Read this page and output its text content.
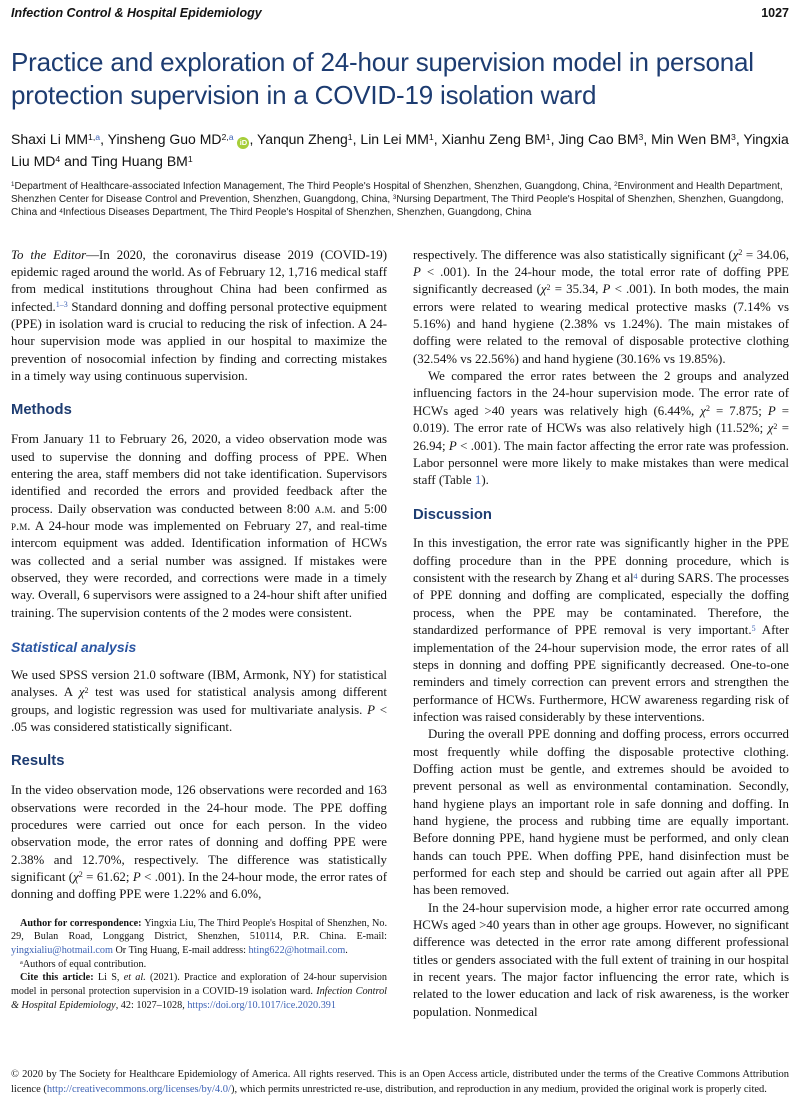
Infection Control & Hospital Epidemiology	1027
Practice and exploration of 24-hour supervision model in personal protection supervision in a COVID-19 isolation ward
Shaxi Li MM$^{1,a}$, Yinsheng Guo MD$^{2,a}$ iD , Yanqun Zheng$^1$, Lin Lei $MM^1$, Xianhu Zeng $BM^1$, Jing Cao $BM^3$, Min Wen $BM^3$, Yingxia Liu $MD^4$ and Ting Huang $BM^1$
$^1$Department of Healthcare-associated Infection Management, The Third People's Hospital of Shenzhen, Shenzhen, Guangdong, China, $^2$Environment and Health Department, Shenzhen Center for Disease Control and Prevention, Shenzhen, Guangdong, China, $^3$Nursing Department, The Third People's Hospital of Shenzhen, Shenzhen, Guangdong, China and $^4$Infectious Diseases Department, The Third People's Hospital of Shenzhen, Shenzhen, Guangdong, China

To the Editor—In 2020, the coronavirus disease 2019 (COVID-19) epidemic raged around the world. As of February 12, 1,716 medical staff from medical institutions throughout China had been confirmed as infected.$^{1-3}$ Standard donning and doffing personal protective equipment (PPE) in isolation ward is crucial to reducing the risk of infection. A 24-hour supervision mode was applied in our hospital to maximize the prevention of nosocomial infection by finding and correcting mistakes in a timely way using continuous supervision.

Methods

From January 11 to February 26, 2020, a video observation mode was used to supervise the donning and doffing process of PPE. When entering the area, staff members did not take identification. Supervisors identified and recorded the errors and provided feedback after the process. Daily observation was conducted between 8:00 a.m. and 5:00 p.m. A 24-hour mode was implemented on February 27, and real-time intercom equipment was added. Identification information of HCWs was collected and a serial number was assigned. If mistakes were observed, they were recorded, and corrections were made in a timely way. Overall, 6 supervisors were assigned to a 24-hour shift after unified training. The supervision contents of the 2 modes were consistent.

Statistical analysis

We used SPSS version 21.0 software (IBM, Armonk, NY) for statistical analyses. A $\chi^2$ test was used for statistical analysis among different groups, and logistic regression was used for multivariate analysis. P < .05 was considered statistically significant.

Results

In the video observation mode, 126 observations were recorded and 163 observations were recorded in the 24-hour mode. The PPE doffing procedures were carried out once for each person. In the video observation mode, the error rates of donning and doffing PPE were 2.38% and 12.70%, respectively. The difference was statistically significant ($\chi^2 = 61.62$; P < .001). In the 24-hour mode, the error rates of donning and doffing PPE were 1.22% and 6.0%,

Author for correspondence: Yingxia Liu, The Third People's Hospital of Shenzhen, No. 29, Bulan Road, Longgang District, Shenzhen, 510114, P.R. China. E-mail: yingxialiu@hotmail.com Or Ting Huang, E-mail address: hting622@hotmail.com.

$^a$Authors of equal contribution.

Cite this article: Li S, et al. (2021). Practice and exploration of 24-hour supervision model in personal protection supervision in a COVID-19 isolation ward. Infection Control & Hospital Epidemiology, 42: 1027–1028, https://doi.org/10.1017/ice.2020.391

respectively. The difference was also statistically significant ($\chi^2 = 34.06$, P < .001). In the 24-hour mode, the total error rate of doffing PPE significantly decreased ($\chi^2 = 35.34$, P < .001). In both modes, the main errors were related to wearing medical protective masks (7.14% vs 5.16%) and hand hygiene (2.38% vs 1.24%). The main mistakes of doffing were related to the removal of disposable protective clothing (32.54% vs 22.56%) and hand hygiene (30.16% vs 19.85%).

We compared the error rates between the 2 groups and analyzed influencing factors in the 24-hour supervision mode. The error rate of HCWs aged >40 years was relatively high (6.44%, $\chi^2 = 7.875$; P = 0.019). The error rate of HCWs was also relatively high (11.52%; $\chi^2 = 26.94$; P < .001). The main factor affecting the error rate was profession. Labor personnel were more likely to make mistakes than were medical staff (Table 1).

Discussion

In this investigation, the error rate was significantly higher in the PPE doffing procedure than in the PPE donning procedure, which is consistent with the research by Zhang et $al^4$ during SARS. The processes of PPE donning and doffing are complicated, especially the doffing process, when the PPE may be contaminated. Therefore, the standardized performance of PPE removal is very important.$^5$ After implementation of the 24-hour supervision mode, the error rates of all steps in donning and doffing PPE significantly decreased. One-to-one reminders and timely correction can prevent errors and strengthen the performance of HCWs. Furthermore, HCW awareness regarding risk of infection was raised considerably by these interventions.

During the overall PPE donning and doffing process, errors occurred most frequently while doffing the disposable protective clothing. Doffing action must be gentle, and extremes should be avoided to prevent personal as well as environmental contamination. Secondly, hand hygiene plays an important role in safe donning and doffing. In hand hygiene, the process and rubbing time are equally important. Before donning PPE, hand hygiene must be performed, and only clean hands can touch PPE. When doffing PPE, hand disinfection must be performed for each step and should be carried out again after all PPE has been removed.

In the 24-hour supervision mode, a higher error rate occurred among HCWs aged >40 years than in other age groups. However, no significant difference was detected in the error rate among different professional titles or genders associated with the full extent of training in our hospital in recent years. The major factor influencing the error rate, which is related to the lower education and lack of risk awareness, is the worker population. Nonmedical

© 2020 by The Society for Healthcare Epidemiology of America. All rights reserved. This is an Open Access article, distributed under the terms of the Creative Commons Attribution licence (http://creativecommons.org/licenses/by/4.0/), which permits unrestricted re-use, distribution, and reproduction in any medium, provided the original work is properly cited.
